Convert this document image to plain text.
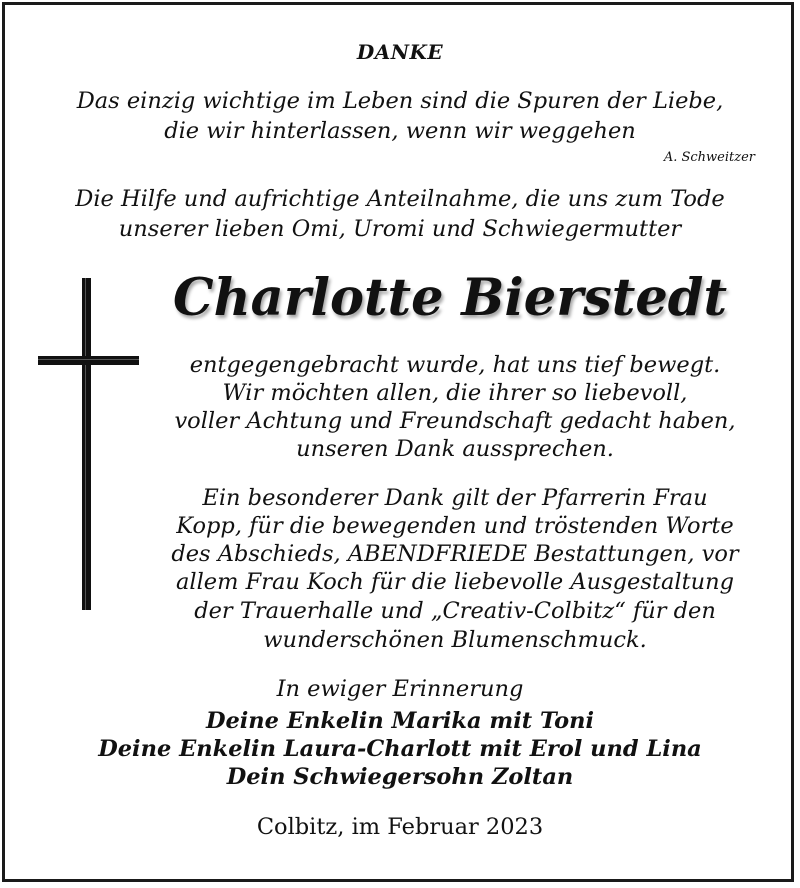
DANKE
Das einzig wichtige im Leben sind die Spuren der Liebe,
die wir hinterlassen, wenn wir weggehen
A. Schweitzer
Die Hilfe und aufrichtige Anteilnahme, die uns zum Tode
unserer lieben Omi, Uromi und Schwiegermutter
Charlotte Bierstedt
entgegengebracht wurde, hat uns tief bewegt.
Wir möchten allen, die ihrer so liebevoll,
voller Achtung und Freundschaft gedacht haben,
unseren Dank aussprechen.
Ein besonderer Dank gilt der Pfarrerin Frau
Kopp, für die bewegenden und tröstenden Worte
des Abschieds, ABENDFRIEDE Bestattungen, vor
allem Frau Koch für die liebevolle Ausgestaltung
der Trauerhalle und „Creativ-Colbitz“ für den
wunderschönen Blumenschmuck.
In ewiger Erinnerung
Deine Enkelin Marika mit Toni
Deine Enkelin Laura-Charlott mit Erol und Lina
Dein Schwiegersohn Zoltan
Colbitz, im Februar 2023
